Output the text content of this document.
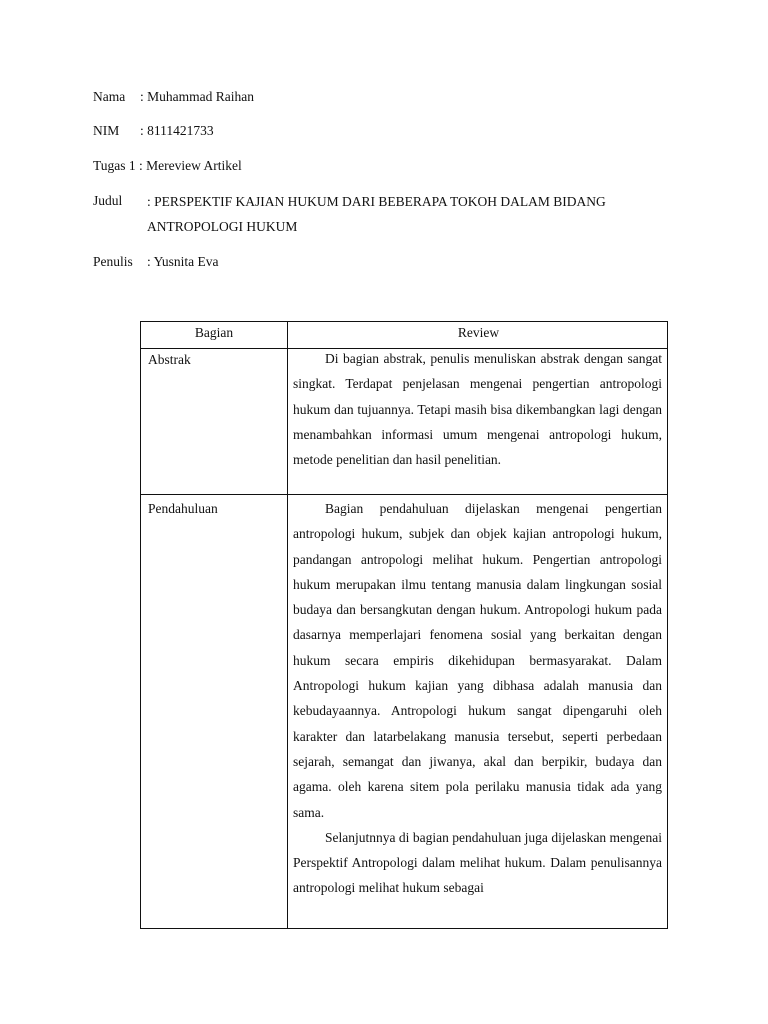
Nama : Muhammad Raihan
NIM : 8111421733
Tugas 1 : Mereview Artikel
Judul : PERSPEKTIF KAJIAN HUKUM DARI BEBERAPA TOKOH DALAM BIDANG ANTROPOLOGI HUKUM
Penulis : Yusnita Eva
Bagian	Review
Abstrak	Di bagian abstrak, penulis menuliskan abstrak dengan sangat singkat. Terdapat penjelasan mengenai pengertian antropologi hukum dan tujuannya. Tetapi masih bisa dikembangkan lagi dengan menambahkan informasi umum mengenai antropologi hukum, metode penelitian dan hasil penelitian.

Pendahuluan	Bagian pendahuluan dijelaskan mengenai pengertian antropologi hukum, subjek dan objek kajian antropologi hukum, pandangan antropologi melihat hukum. Pengertian antropologi hukum merupakan ilmu tentang manusia dalam lingkungan sosial budaya dan bersangkutan dengan hukum. Antropologi hukum pada dasarnya memperlajari fenomena sosial yang berkaitan dengan hukum secara empiris dikehidupan bermasyarakat. Dalam Antropologi hukum kajian yang dibhasa adalah manusia dan kebudayaannya. Antropologi hukum sangat dipengaruhi oleh karakter dan latarbelakang manusia tersebut, seperti perbedaan sejarah, semangat dan jiwanya, akal dan berpikir, budaya dan agama. oleh karena sitem pola perilaku manusia tidak ada yang sama.

Selanjutnnya di bagian pendahuluan juga dijelaskan mengenai Perspektif Antropologi dalam melihat hukum. Dalam penulisannya antropologi melihat hukum sebagai
